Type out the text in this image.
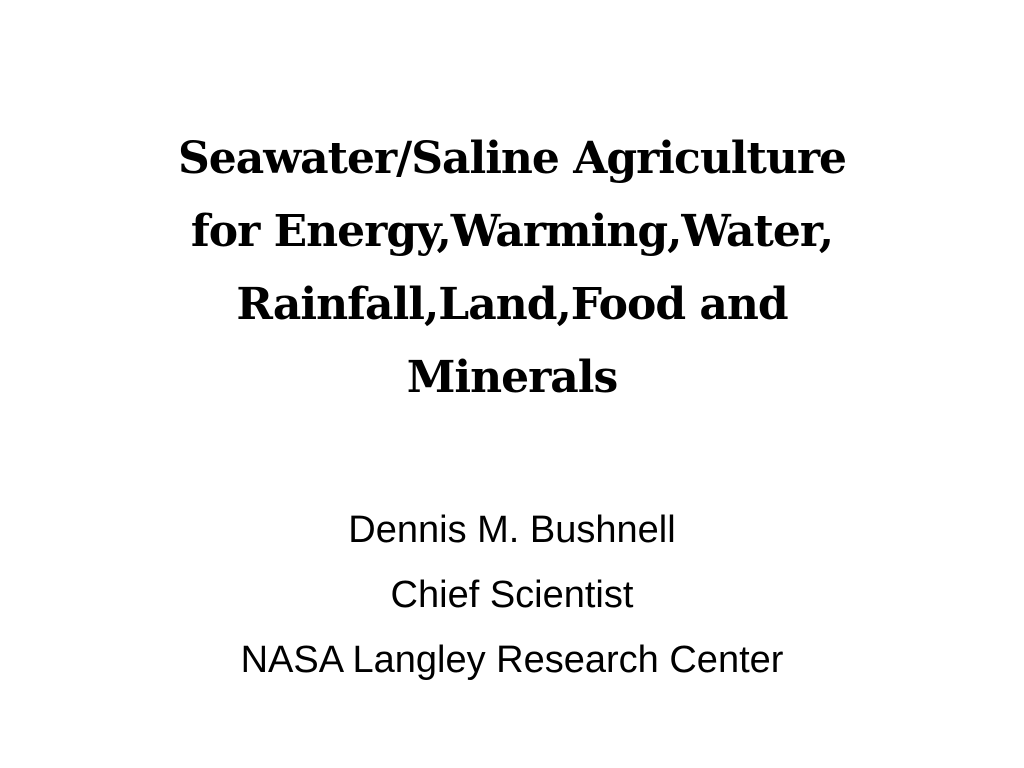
Seawater/Saline Agriculture
for Energy,Warming,Water,
Rainfall,Land,Food and
Minerals
Dennis M. Bushnell
Chief Scientist
NASA Langley Research Center
